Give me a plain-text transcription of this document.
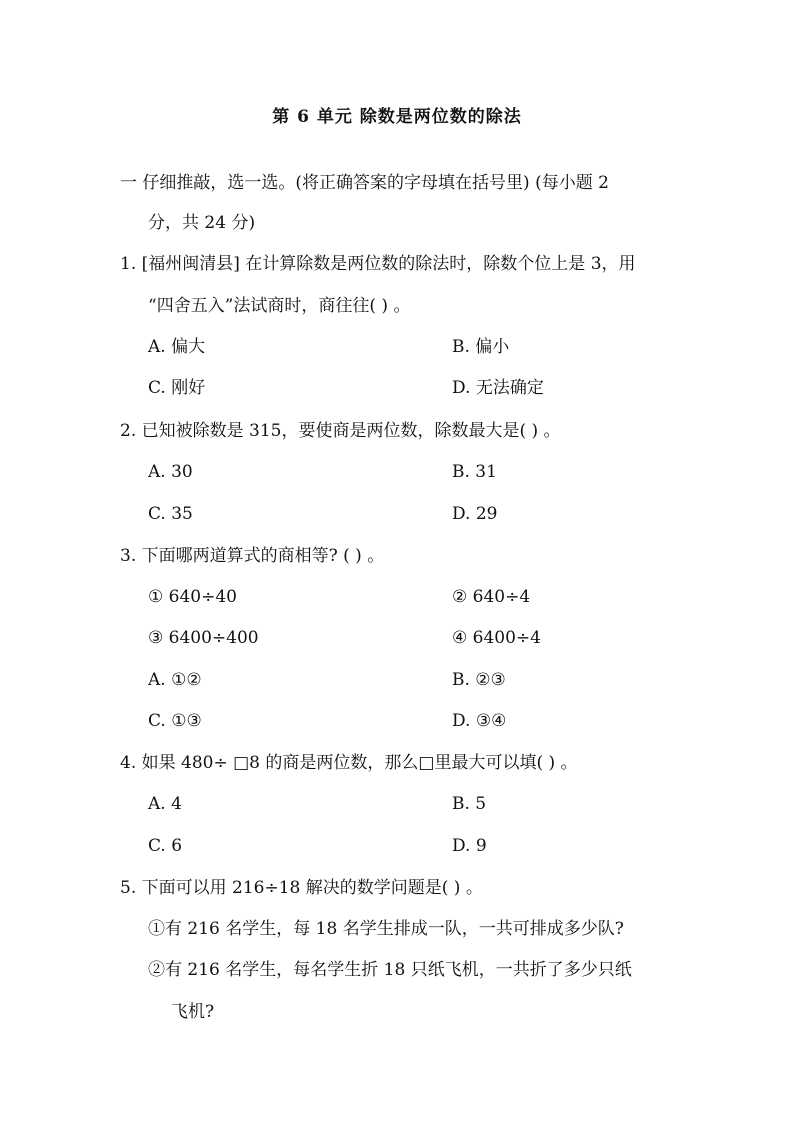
第 6 单元 除数是两位数的除法
一 仔细推敲，选一选。(将正确答案的字母填在括号里) (每小题 2
分，共 24 分)
1. [福州闽清县] 在计算除数是两位数的除法时，除数个位上是 3，用
“四舍五入”法试商时，商往往( ) 。
A. 偏大	B. 偏小
C. 刚好	D. 无法确定
2. 已知被除数是 315，要使商是两位数，除数最大是( ) 。
A. 30	B. 31
C. 35	D. 29
3. 下面哪两道算式的商相等? ( ) 。
① 640÷40	② 640÷4
③ 6400÷400	④ 6400÷4
A. ①②	B. ②③
C. ①③	D. ③④
4. 如果 480÷ □8 的商是两位数，那么□里最大可以填( ) 。
A. 4	B. 5
C. 6	D. 9
5. 下面可以用 216÷18 解决的数学问题是( ) 。
①有 216 名学生，每 18 名学生排成一队，一共可排成多少队?
②有 216 名学生，每名学生折 18 只纸飞机，一共折了多少只纸
飞机?
